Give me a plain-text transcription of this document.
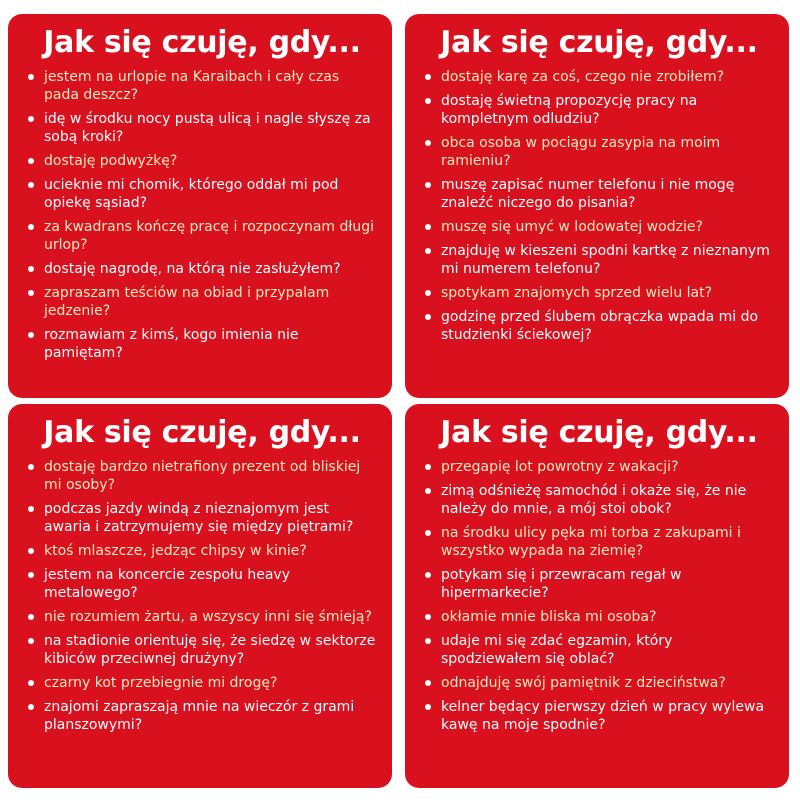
Jak się czuję, gdy...
jestem na urlopie na Karaibach i cały czas pada deszcz?
idę w środku nocy pustą ulicą i nagle słyszę za sobą kroki?
dostaję podwyżkę?
ucieknie mi chomik, którego oddał mi pod opiekę sąsiad?
za kwadrans kończę pracę i rozpoczynam długi urlop?
dostaję nagrodę, na którą nie zasłużyłem?
zapraszam teściów na obiad i przypalam jedzenie?
rozmawiam z kimś, kogo imienia nie pamiętam?
Jak się czuję, gdy...
dostaję karę za coś, czego nie zrobiłem?
dostaję świetną propozycję pracy na kompletnym odludziu?
obca osoba w pociągu zasypia na moim ramieniu?
muszę zapisać numer telefonu i nie mogę znaleźć niczego do pisania?
muszę się umyć w lodowatej wodzie?
znajduję w kieszeni spodni kartkę z nieznanym mi numerem telefonu?
spotykam znajomych sprzed wielu lat?
godzinę przed ślubem obrączka wpada mi do studzienki ściekowej?
Jak się czuję, gdy...
dostaję bardzo nietrafiony prezent od bliskiej mi osoby?
podczas jazdy windą z nieznajomym jest awaria i zatrzymujemy się między piętrami?
ktoś mlaszcze, jedząc chipsy w kinie?
jestem na koncercie zespołu heavy metalowego?
nie rozumiem żartu, a wszyscy inni się śmieją?
na stadionie orientuję się, że siedzę w sektorze kibiców przeciwnej drużyny?
czarny kot przebiegnie mi drogę?
znajomi zapraszają mnie na wieczór z grami planszowymi?
Jak się czuję, gdy...
przegapię lot powrotny z wakacji?
zimą odśnieżę samochód i okaże się, że nie należy do mnie, a mój stoi obok?
na środku ulicy pęka mi torba z zakupami i wszystko wypada na ziemię?
potykam się i przewracam regał w hipermarkecie?
okłamie mnie bliska mi osoba?
udaje mi się zdać egzamin, który spodziewałem się oblać?
odnajduję swój pamiętnik z dzieciństwa?
kelner będący pierwszy dzień w pracy wylewa kawę na moje spodnie?
